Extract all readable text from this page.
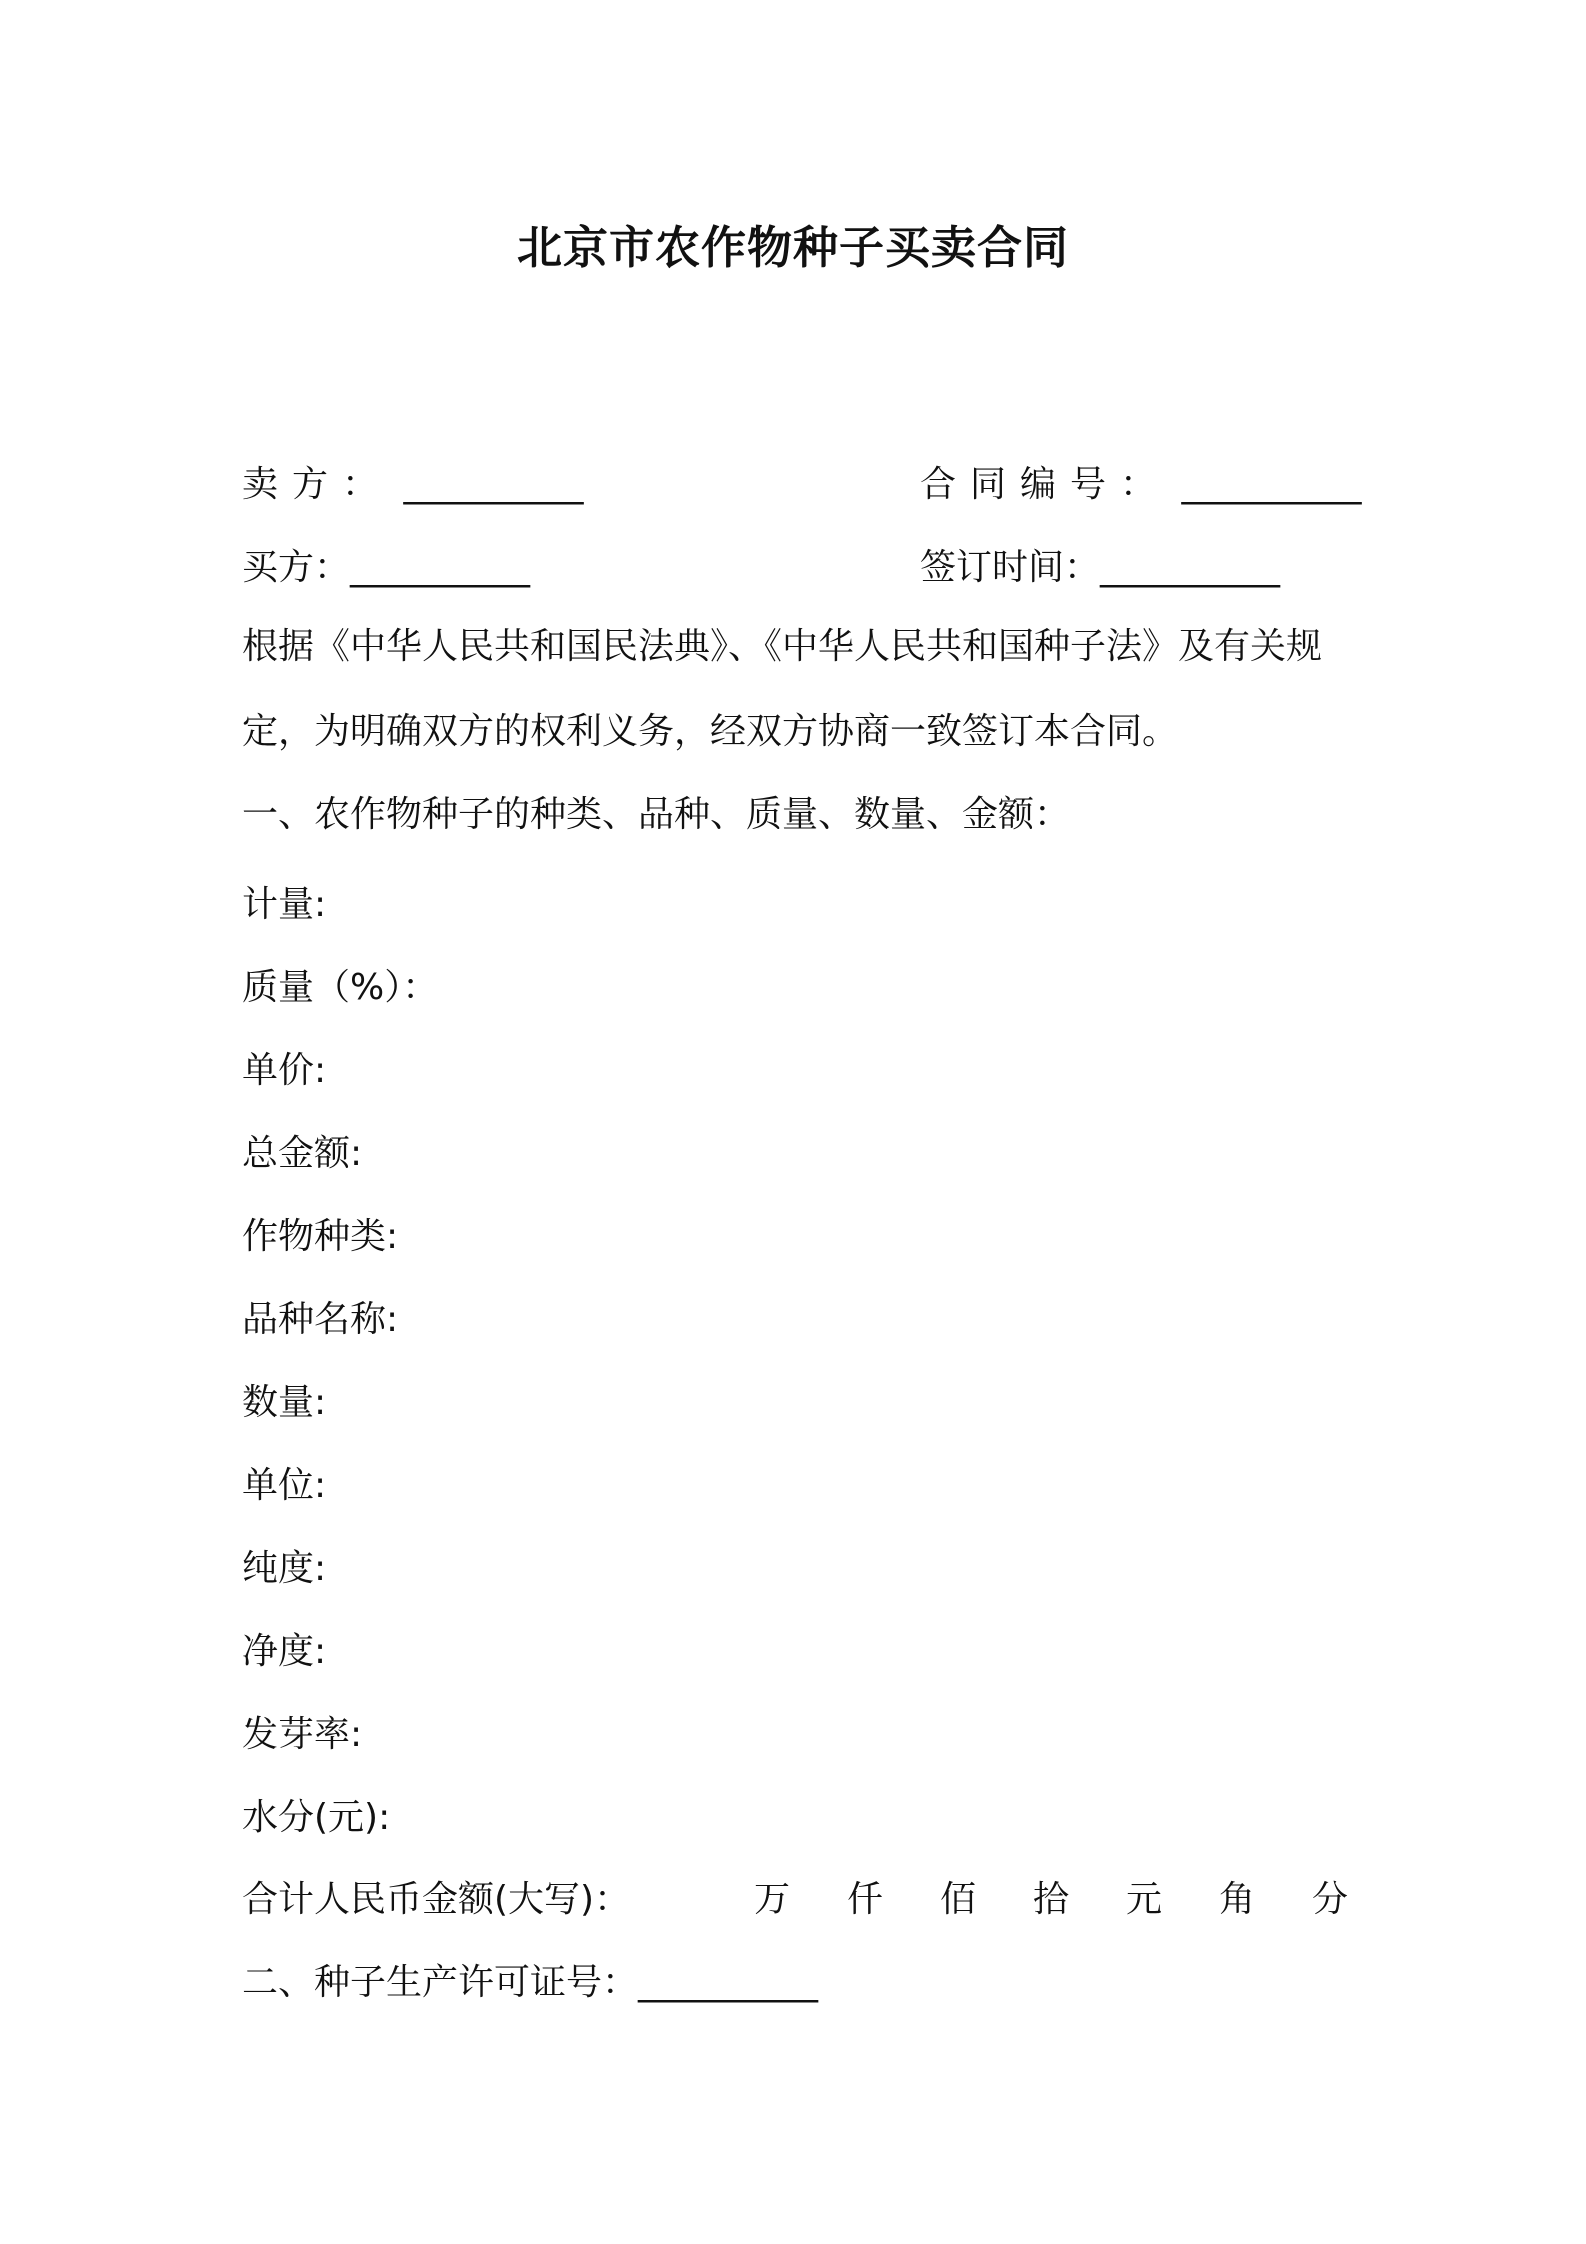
北京市农作物种子买卖合同
卖方： __________	合同编号： __________
买方：__________	签订时间：__________
根据《中华人民共和国民法典》、《中华人民共和国种子法》及有关规
定，为明确双方的权利义务，经双方协商一致签订本合同。
一、农作物种子的种类、品种、质量、数量、金额：
计量:
质量（%）：
单价:
总金额:
作物种类:
品种名称:
数量:
单位:
纯度:
净度:
发芽率:
水分(元):
合计人民币金额(大写)：	万 仟 佰 拾 元 角 分
二、种子生产许可证号：__________
